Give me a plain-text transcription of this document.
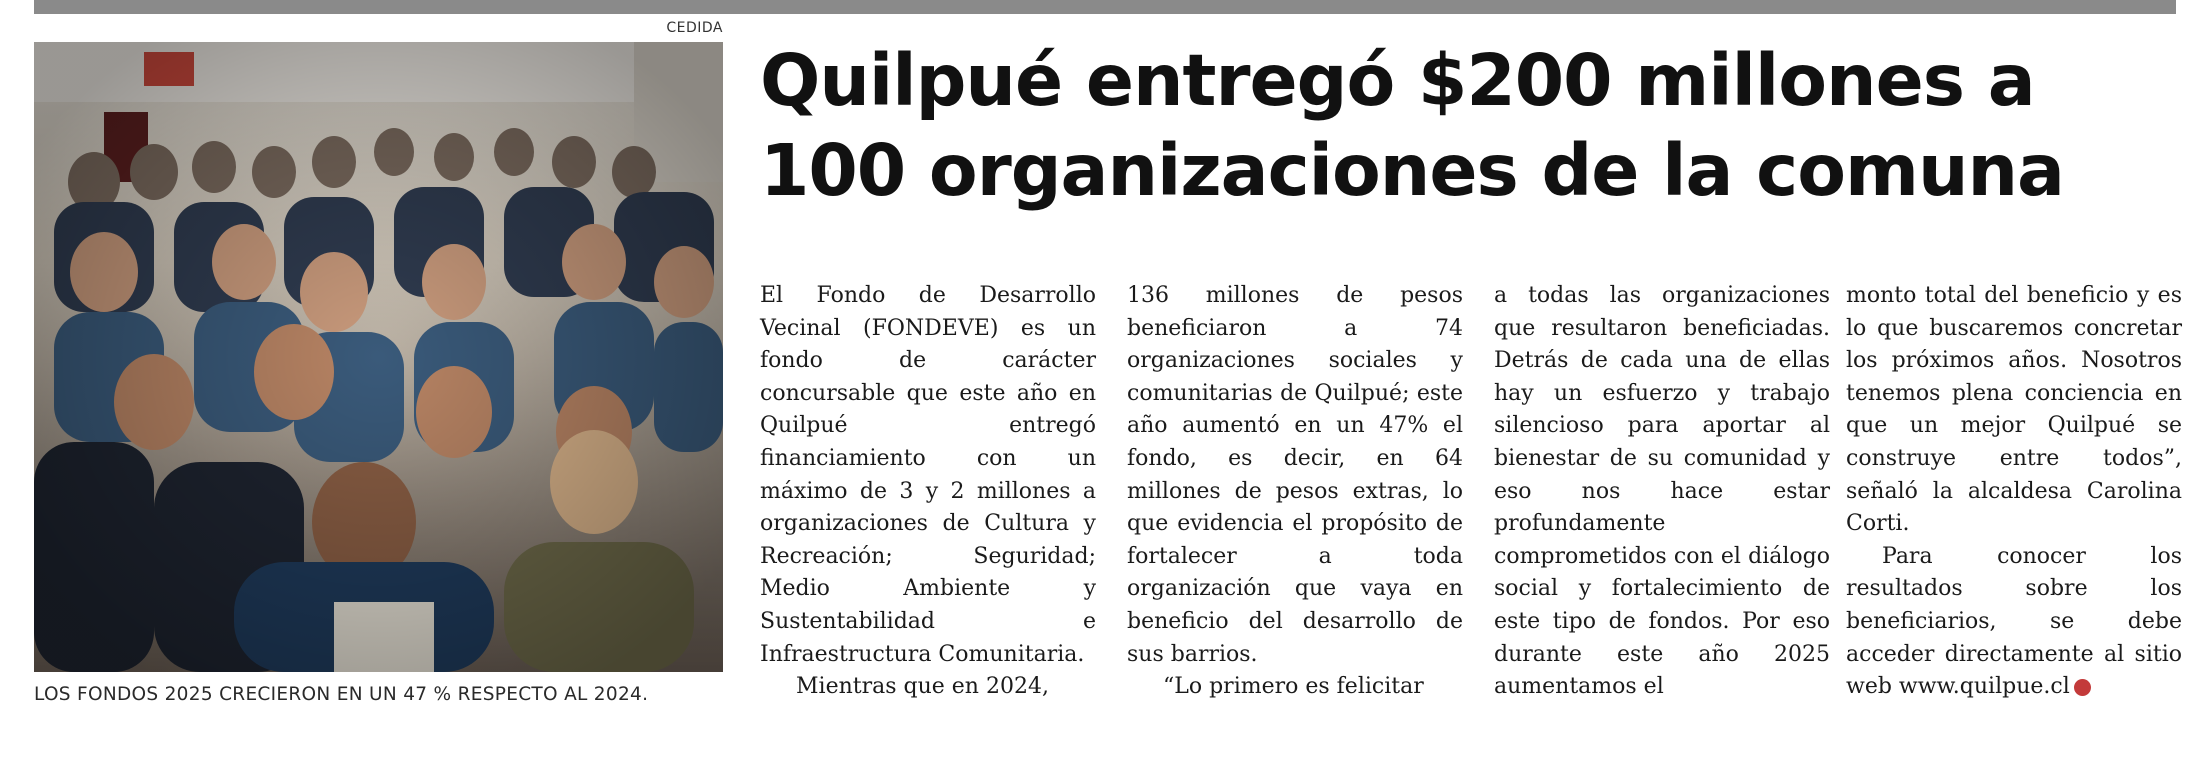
CEDIDA
LOS FONDOS 2025 CRECIERON EN UN 47 % RESPECTO AL 2024.
Quilpué entregó $200 millones a 100 organizaciones de la comuna

El Fondo de Desarrollo Vecinal (FONDEVE) es un fondo de carácter concursable que este año en Quilpué entregó financiamiento con un máximo de 3 y 2 millones a organizaciones de Cultura y Recreación; Seguridad; Medio Ambiente y Sustentabilidad e Infraestructura Comunitaria.

Mientras que en 2024,

136 millones de pesos beneficiaron a 74 organizaciones sociales y comunitarias de Quilpué; este año aumentó en un 47% el fondo, es decir, en 64 millones de pesos extras, lo que evidencia el propósito de fortalecer a toda organización que vaya en beneficio del desarrollo de sus barrios.

“Lo primero es felicitar

a todas las organizaciones que resultaron beneficiadas. Detrás de cada una de ellas hay un esfuerzo y trabajo silencioso para aportar al bienestar de su comunidad y eso nos hace estar profundamente comprometidos con el diálogo social y fortalecimiento de este tipo de fondos. Por eso durante este año 2025 aumentamos el

monto total del beneficio y es lo que buscaremos concretar los próximos años. Nosotros tenemos plena conciencia en que un mejor Quilpué se construye entre todos”, señaló la alcaldesa Carolina Corti.

Para conocer los resultados sobre los beneficiarios, se debe acceder directamente al sitio web www.quilpue.cl	✪
